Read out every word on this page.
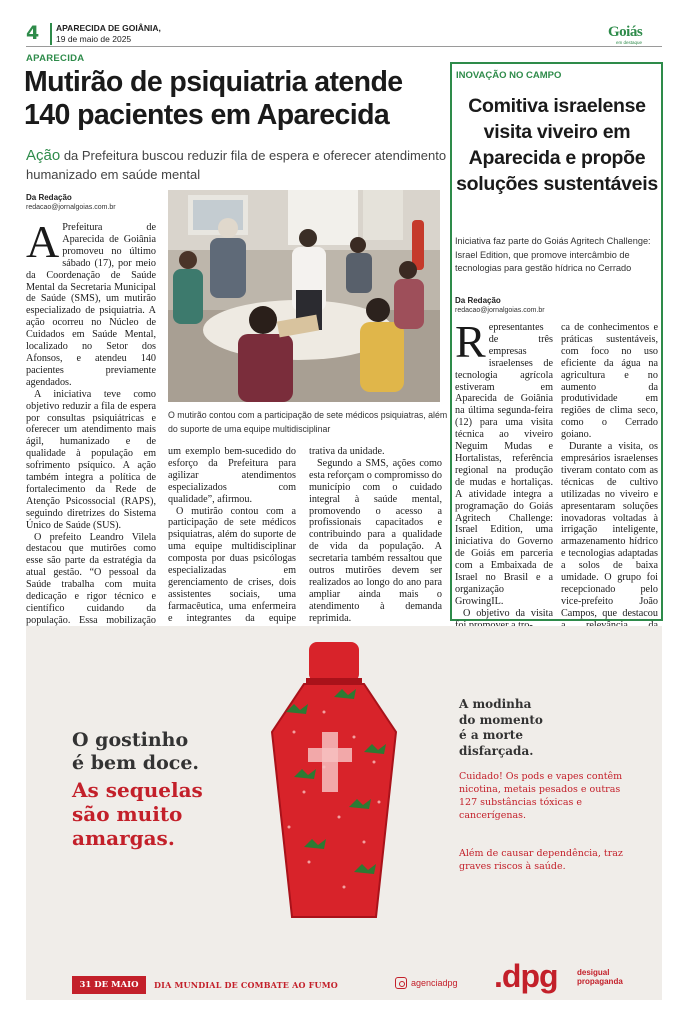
4 APARECIDA DE GOIÂNIA,
19 de maio de 2025	Goiás
em destaque
APARECIDA
Mutirão de psiquiatria atende 140 pacientes em Aparecida
Ação da Prefeitura buscou reduzir fila de espera e oferecer atendimento humanizado em saúde mental
Da Redação
redacao@jornalgoias.com.br

A Prefeitura de Aparecida de Goiânia promoveu no último sábado (17), por meio da Coordenação de Saúde Mental da Secretaria Municipal de Saúde (SMS), um mutirão especializado de psiquiatria. A ação ocorreu no Núcleo de Cuidados em Saúde Mental, localizado no Setor dos Afonsos, e atendeu 140 pacientes previamente agendados.

A iniciativa teve como objetivo reduzir a fila de espera por consultas psiquiátricas e oferecer um atendimento mais ágil, humanizado e de qualidade à população em sofrimento psíquico. A ação também integra a política de fortalecimento da Rede de Atenção Psicossocial (RAPS), seguindo diretrizes do Sistema Único de Saúde (SUS).

O prefeito Leandro Vilela destacou que mutirões como esse são parte da estratégia da atual gestão. “O pessoal da Saúde trabalha com muita dedicação e rigor técnico e científico cuidando da população. Essa mobilização

O mutirão contou com a participação de sete médicos psiquiatras, além do suporte de uma equipe multidisciplinar

um exemplo bem-sucedido do esforço da Prefeitura para agilizar atendimentos especializados com qualidade”, afirmou.

O mutirão contou com a participação de sete médicos psiquiatras, além do suporte de uma equipe multidisciplinar composta por duas psicólogas especializadas em gerenciamento de crises, dois assistentes sociais, uma farmacêutica, uma enfermeira e integrantes da equipe

trativa da unidade.

Segundo a SMS, ações como esta reforçam o compromisso do município com o cuidado integral à saúde mental, promovendo o acesso a profissionais capacitados e contribuindo para a qualidade de vida da população. A secretaria também ressaltou que outros mutirões devem ser realizados ao longo do ano para ampliar ainda mais o atendimento à demanda reprimida.

INOVAÇÃO NO CAMPO
Comitiva israelense visita viveiro em Aparecida e propõe soluções sustentáveis
Iniciativa faz parte do Goiás Agritech Challenge: Israel Edition, que promove intercâmbio de tecnologias para gestão hídrica no Cerrado
Da Redação
redacao@jornalgoias.com.br

Representantes de três empresas israelenses de tecnologia agrícola estiveram em Aparecida de Goiânia na última segunda-feira (12) para uma visita técnica ao viveiro Neguim Mudas e Hortalistas, referência regional na produção de mudas e hortaliças. A atividade integra a programação do Goiás Agritech Challenge: Israel Edition, uma iniciativa do Governo de Goiás em parceria com a Embaixada de Israel no Brasil e a organização GrowingIL.

O objetivo da visita

ca de conhecimentos e práticas sustentáveis, com foco no uso eficiente da água na agricultura e no aumento da produtividade em regiões de clima seco, como o Cerrado goiano.

Durante a visita, os empresários israelenses tiveram contato com as técnicas de cultivo utilizadas no viveiro e apresentaram soluções inovadoras voltadas à irrigação inteligente, armazenamento hídrico e tecnologias adaptadas a solos de baixa umidade. O grupo foi recepcionado pelo vice-prefeito João Campos, que destacou

O gostinho
é bem doce.
As sequelas
são muito
amargas.
A modinha
do momento
é a morte
disfarçada.
Cuidado! Os pods e vapes contêm nicotina, metais pesados e outras 127 substâncias tóxicas e cancerígenas.
Além de causar dependência, traz graves riscos à saúde.
31 DE MAIO	DIA MUNDIAL DE COMBATE AO FUMO	agenciadpg .dpg desigual
propaganda
